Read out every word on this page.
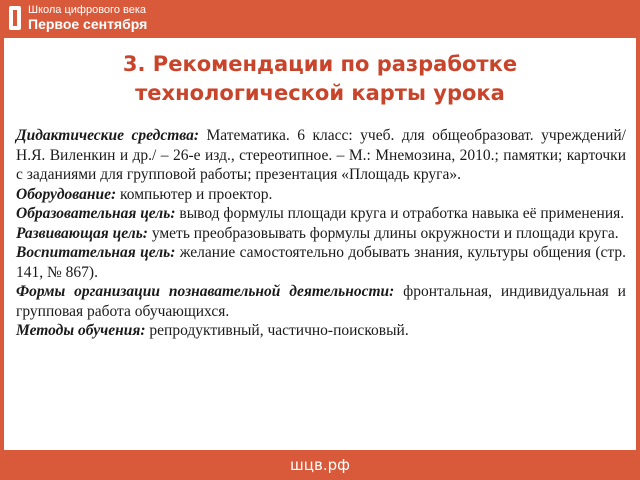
Школа цифрового века
Первое сентября
3. Рекомендации по разработке
технологической карты урока

Дидактические средства: Математика. 6 класс: учеб. для общеобразоват. учреждений/ Н.Я. Виленкин и др./ – 26-е изд., стереотипное. – М.: Мнемозина, 2010.; памятки; карточки с заданиями для групповой работы; презентация «Площадь круга».

Оборудование: компьютер и проектор.

Образовательная цель: вывод формулы площади круга и отработка навыка её применения.

Развивающая цель: уметь преобразовывать формулы длины окружности и площади круга.

Воспитательная цель: желание самостоятельно добывать знания, культуры общения (стр. 141, № 867).

Формы организации познавательной деятельности: фронтальная, индивидуальная и групповая работа обучающихся.

Методы обучения: репродуктивный, частично-поисковый.

шцв.рф
